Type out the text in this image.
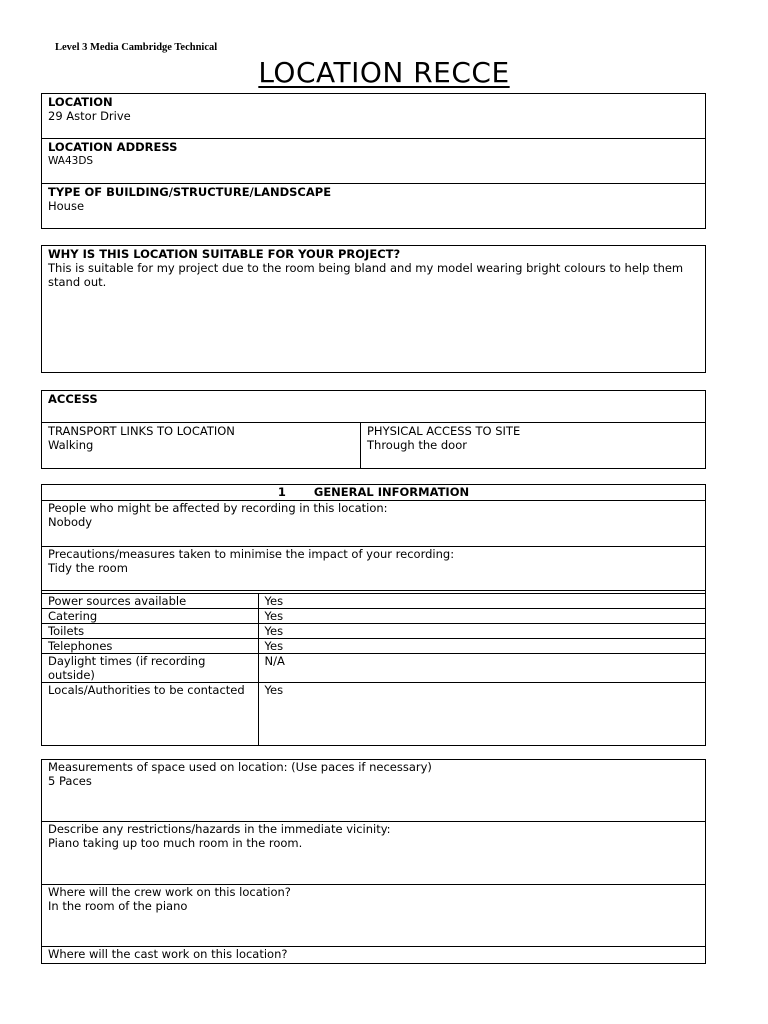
Level 3 Media Cambridge Technical
LOCATION RECCE
LOCATION
29 Astor Drive
LOCATION ADDRESS
WA43DS
TYPE OF BUILDING/STRUCTURE/LANDSCAPE
House
WHY IS THIS LOCATION SUITABLE FOR YOUR PROJECT?
This is suitable for my project due to the room being bland and my model wearing bright colours to help them stand out.
ACCESS
TRANSPORT LINKS TO LOCATION
Walking
PHYSICAL ACCESS TO SITE
Through the door
1 GENERAL INFORMATION
People who might be affected by recording in this location:
Nobody
Precautions/measures taken to minimise the impact of your recording:
Tidy the room
Power sources available	Yes
Catering	Yes
Toilets	Yes
Telephones	Yes
Daylight times (if recording outside)	N/A
Locals/Authorities to be contacted	Yes
Measurements of space used on location: (Use paces if necessary)
5 Paces
Describe any restrictions/hazards in the immediate vicinity:
Piano taking up too much room in the room.
Where will the crew work on this location?
In the room of the piano
Where will the cast work on this location?
